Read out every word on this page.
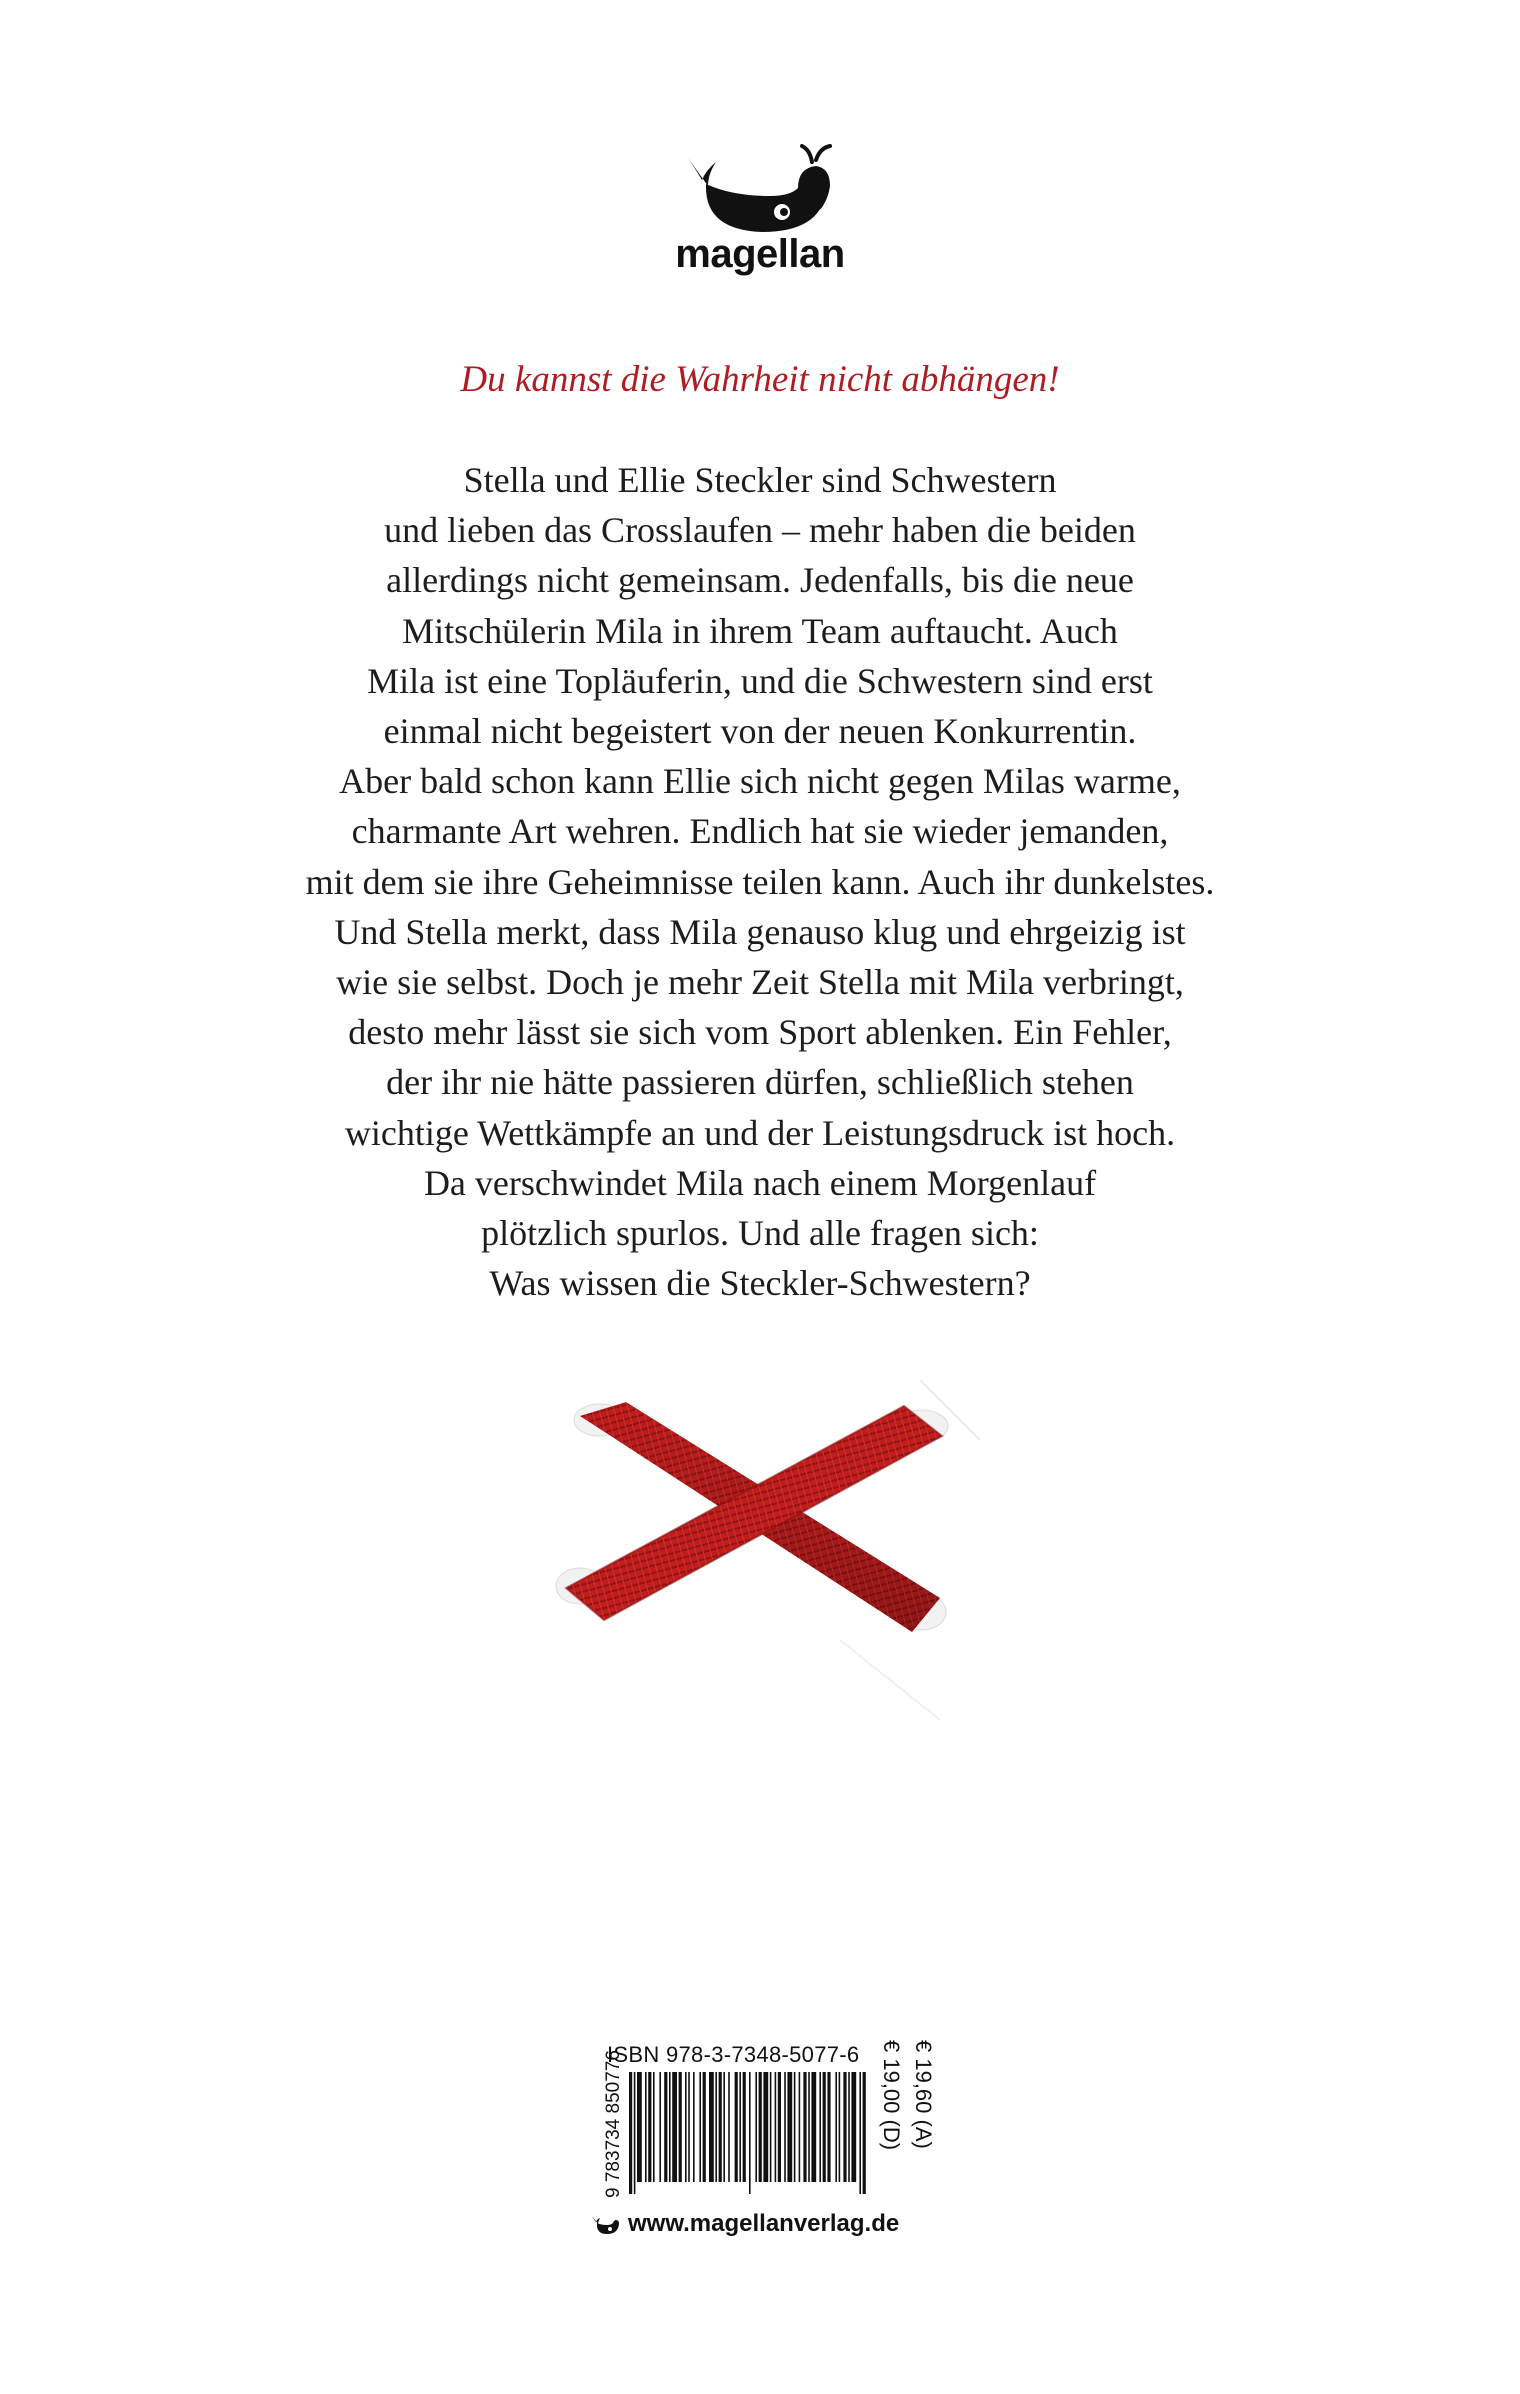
magellan
Du kannst die Wahrheit nicht abhängen!
Stella und Ellie Steckler sind Schwestern
und lieben das Crosslaufen – mehr haben die beiden
allerdings nicht gemeinsam. Jedenfalls, bis die neue
Mitschülerin Mila in ihrem Team auftaucht. Auch
Mila ist eine Topläuferin, und die Schwestern sind erst
einmal nicht begeistert von der neuen Konkurrentin.
Aber bald schon kann Ellie sich nicht gegen Milas warme,
charmante Art wehren. Endlich hat sie wieder jemanden,
mit dem sie ihre Geheimnisse teilen kann. Auch ihr dunkelstes.
Und Stella merkt, dass Mila genauso klug und ehrgeizig ist
wie sie selbst. Doch je mehr Zeit Stella mit Mila verbringt,
desto mehr lässt sie sich vom Sport ablenken. Ein Fehler,
der ihr nie hätte passieren dürfen, schließlich stehen
wichtige Wettkämpfe an und der Leistungsdruck ist hoch.
Da verschwindet Mila nach einem Morgenlauf
plötzlich spurlos. Und alle fragen sich:
Was wissen die Steckler-Schwestern?
ISBN 978-3-7348-5077-6
9 783734 850776	€ 19,00 (D) € 19,60 (A)
www.magellanverlag.de
